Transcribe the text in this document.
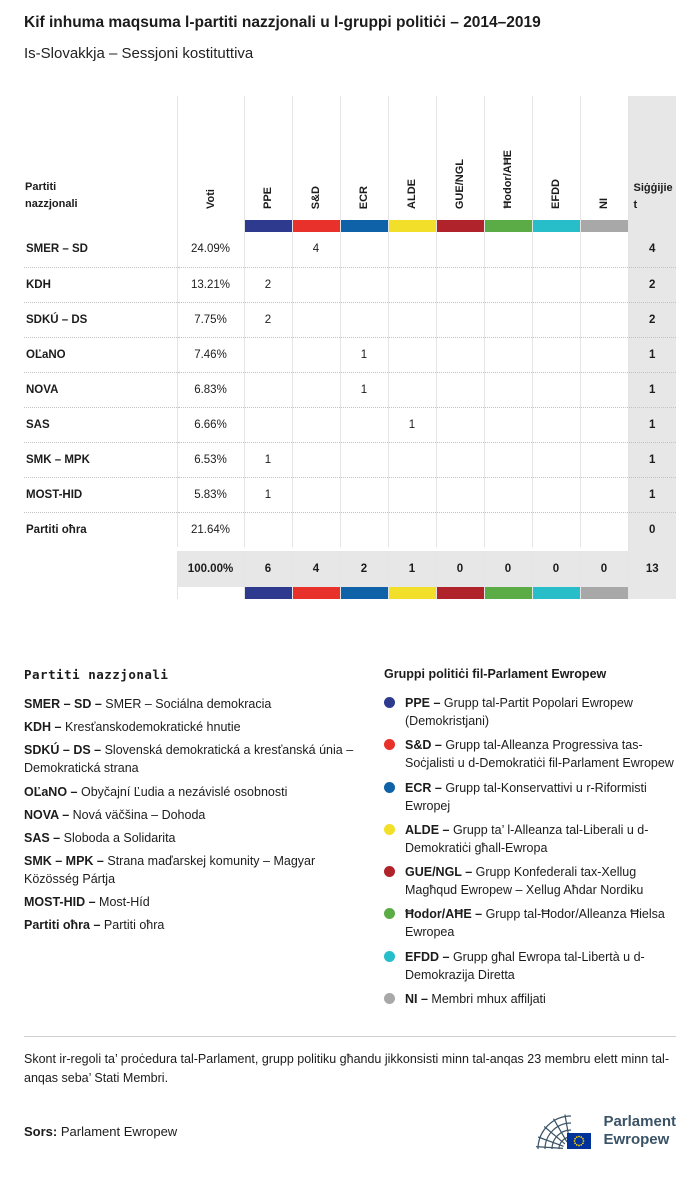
Kif inhuma maqsuma l-partiti nazzjonali u l-gruppi politiċi – 2014–2019
Is-Slovakkja – Sessjoni kostituttiva
Partiti nazzjonali	Voti	PPE	S&D	ECR	ALDE	GUE/NGL	Ħodor/AĦE	EFDD	NI	Siġġijiet

SMER – SD	24.09%		4							4
KDH	13.21%	2								2
SDKÚ – DS	7.75%	2								2
OĽaNO	7.46%			1						1
NOVA	6.83%			1						1
SAS	6.66%				1					1
SMK – MPK	6.53%	1								1
MOST-HID	5.83%	1								1
Partiti oħra	21.64%									0

	100.00%	6	4	2	1	0	0	0	0	13

Partiti nazzjonali

SMER – SD – SMER – Sociálna demokracia

KDH – Kresťanskodemokratické hnutie

SDKÚ – DS – Slovenská demokratická a kresťanská únia – Demokratická strana

OĽaNO – Obyčajní Ľudia a nezávislé osobnosti

NOVA – Nová väčšina – Dohoda

SAS – Sloboda a Solidarita

SMK – MPK – Strana maďarskej komunity – Magyar Közösség Pártja

MOST-HID – Most-Híd

Partiti oħra – Partiti oħra

Gruppi politiċi fil-Parlament Ewropew

PPE – Grupp tal-Partit Popolari Ewropew (Demokristjani)
S&D – Grupp tal-Alleanza Progressiva tas-Soċjalisti u d-Demokratiċi fil-Parlament Ewropew
ECR – Grupp tal-Konservattivi u r-Riformisti Ewropej
ALDE – Grupp ta’ l-Alleanza tal-Liberali u d-Demokratiċi għall-Ewropa
GUE/NGL – Grupp Konfederali tax-Xellug Magħqud Ewropew – Xellug Aħdar Nordiku
Ħodor/AĦE – Grupp tal-Ħodor/Alleanza Ħielsa Ewropea
EFDD – Grupp għal Ewropa tal-Libertà u d-Demokrazija Diretta
NI – Membri mhux affiljati
Skont ir-regoli ta’ proċedura tal-Parlament, grupp politiku għandu jikkonsisti minn tal-anqas 23 membru elett minn tal-anqas seba’ Stati Membri.
Sors: Parlament Ewropew
Parlament
Ewropew
